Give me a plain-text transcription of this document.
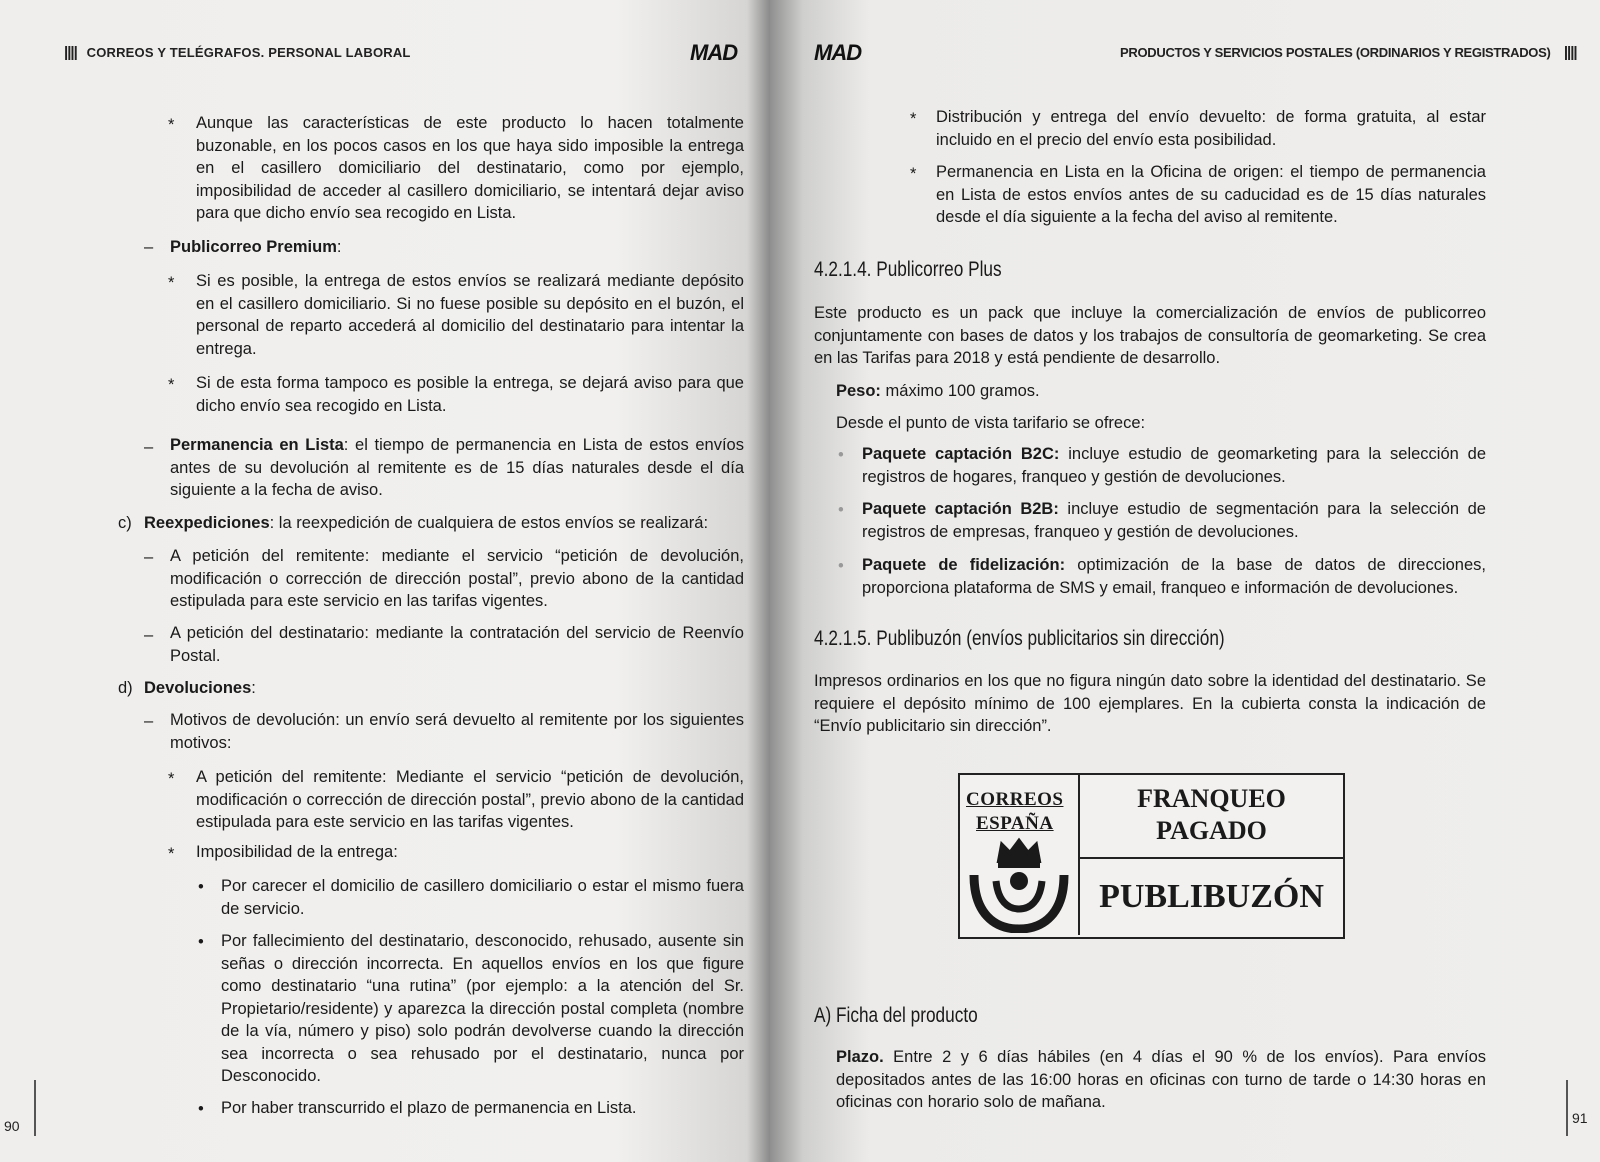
|||| CORREOS Y TELÉGRAFOS. PERSONAL LABORAL	MAD
* Aunque las características de este producto lo hacen totalmente buzonable, en los pocos casos en los que haya sido imposible la entrega en el casillero domiciliario del destinatario, como por ejemplo, imposibilidad de acceder al casillero domiciliario, se intentará dejar aviso para que dicho envío sea recogido en Lista.

– Publicorreo Premium:
* Si es posible, la entrega de estos envíos se realizará mediante depósito en el casillero domiciliario. Si no fuese posible su depósito en el buzón, el personal de reparto accederá al domicilio del destinatario para intentar la entrega.

* Si de esta forma tampoco es posible la entrega, se dejará aviso para que dicho envío sea recogido en Lista.

– Permanencia en Lista: el tiempo de permanencia en Lista de estos envíos antes de su devolución al remitente es de 15 días naturales desde el día siguiente a la fecha de aviso.

c) Reexpediciones: la reexpedición de cualquiera de estos envíos se realizará:

– A petición del remitente: mediante el servicio “petición de devolución, modificación o corrección de dirección postal”, previo abono de la cantidad estipulada para este servicio en las tarifas vigentes.

– A petición del destinatario: mediante la contratación del servicio de Reenvío Postal.

d) Devoluciones:
– Motivos de devolución: un envío será devuelto al remitente por los siguientes motivos:

* A petición del remitente: Mediante el servicio “petición de devolución, modificación o corrección de dirección postal”, previo abono de la cantidad estipulada para este servicio en las tarifas vigentes.

* Imposibilidad de la entrega:

• Por carecer el domicilio de casillero domiciliario o estar el mismo fuera de servicio.

• Por fallecimiento del destinatario, desconocido, rehusado, ausente sin señas o dirección incorrecta. En aquellos envíos en los que figure como destinatario “una rutina” (por ejemplo: a la atención del Sr. Propietario/residente) y aparezca la dirección postal completa (nombre de la vía, número y piso) solo podrán devolverse cuando la dirección sea incorrecta o sea rehusado por el destinatario, nunca por Desconocido.

• Por haber transcurrido el plazo de permanencia en Lista.

90
MAD	PRODUCTOS Y SERVICIOS POSTALES (ORDINARIOS Y REGISTRADOS) ||||
* Distribución y entrega del envío devuelto: de forma gratuita, al estar incluido en el precio del envío esta posibilidad.

* Permanencia en Lista en la Oficina de origen: el tiempo de permanencia en Lista de estos envíos antes de su caducidad es de 15 días naturales desde el día siguiente a la fecha del aviso al remitente.

4.2.1.4. Publicorreo Plus

Este producto es un pack que incluye la comercialización de envíos de publicorreo conjuntamente con bases de datos y los trabajos de consultoría de geomarketing. Se crea en las Tarifas para 2018 y está pendiente de desarrollo.

Peso: máximo 100 gramos.
Desde el punto de vista tarifario se ofrece:
• Paquete captación B2C: incluye estudio de geomarketing para la selección de registros de hogares, franqueo y gestión de devoluciones.

• Paquete captación B2B: incluye estudio de segmentación para la selección de registros de empresas, franqueo y gestión de devoluciones.

• Paquete de fidelización: optimización de la base de datos de direcciones, proporciona plataforma de SMS y email, franqueo e información de devoluciones.

4.2.1.5. Publibuzón (envíos publicitarios sin dirección)

Impresos ordinarios en los que no figura ningún dato sobre la identidad del destinatario. Se requiere el depósito mínimo de 100 ejemplares. En la cubierta consta la indicación de “Envío publicitario sin dirección”.

CORREOS
ESPAÑA
FRANQUEO
PAGADO
PUBLIBUZÓN
A) Ficha del producto

Plazo. Entre 2 y 6 días hábiles (en 4 días el 90 % de los envíos). Para envíos depositados antes de las 16:00 horas en oficinas con turno de tarde o 14:30 horas en oficinas con horario solo de mañana.

91
